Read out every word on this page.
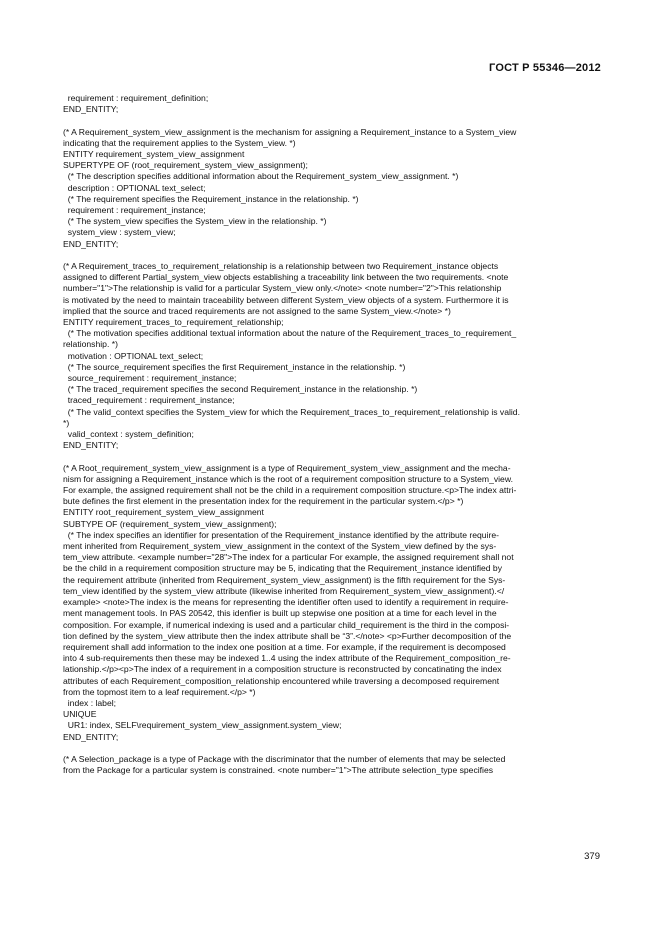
ГОСТ Р 55346—2012
requirement : requirement_definition;
END_ENTITY;
(* A Requirement_system_view_assignment is the mechanism for assigning a Requirement_instance to a System_view
indicating that the requirement applies to the System_view. *)
ENTITY requirement_system_view_assignment
SUPERTYPE OF (root_requirement_system_view_assignment);
(* The description specifies additional information about the Requirement_system_view_assignment. *)
description : OPTIONAL text_select;
(* The requirement specifies the Requirement_instance in the relationship. *)
requirement : requirement_instance;
(* The system_view specifies the System_view in the relationship. *)
system_view : system_view;
END_ENTITY;
(* A Requirement_traces_to_requirement_relationship is a relationship between two Requirement_instance objects
assigned to different Partial_system_view objects establishing a traceability link between the two requirements. <note
number="1">The relationship is valid for a particular System_view only.</note> <note number="2">This relationship
is motivated by the need to maintain traceability between different System_view objects of a system. Furthermore it is
implied that the source and traced requirements are not assigned to the same System_view.</note> *)
ENTITY requirement_traces_to_requirement_relationship;
(* The motivation specifies additional textual information about the nature of the Requirement_traces_to_requirement_
relationship. *)
motivation : OPTIONAL text_select;
(* The source_requirement specifies the first Requirement_instance in the relationship. *)
source_requirement : requirement_instance;
(* The traced_requirement specifies the second Requirement_instance in the relationship. *)
traced_requirement : requirement_instance;
(* The valid_context specifies the System_view for which the Requirement_traces_to_requirement_relationship is valid.
*)
valid_context : system_definition;
END_ENTITY;
(* A Root_requirement_system_view_assignment is a type of Requirement_system_view_assignment and the mecha-
nism for assigning a Requirement_instance which is the root of a requirement composition structure to a System_view.
For example, the assigned requirement shall not be the child in a requirement composition structure.<p>The index attri-
bute defines the first element in the presentation index for the requirement in the particular system.</p> *)
ENTITY root_requirement_system_view_assignment
SUBTYPE OF (requirement_system_view_assignment);
(* The index specifies an identifier for presentation of the Requirement_instance identified by the attribute require-
ment inherited from Requirement_system_view_assignment in the context of the System_view defined by the sys-
tem_view attribute. <example number="28">The index for a particular For example, the assigned requirement shall not
be the child in a requirement composition structure may be 5, indicating that the Requirement_instance identified by
the requirement attribute (inherited from Requirement_system_view_assignment) is the fifth requirement for the Sys-
tem_view identified by the system_view attribute (likewise inherited from Requirement_system_view_assignment).</
example> <note>The index is the means for representing the identifier often used to identify a requirement in require-
ment management tools. In PAS 20542, this idenfier is built up stepwise one position at a time for each level in the
composition. For example, if numerical indexing is used and a particular child_requirement is the third in the composi-
tion defined by the system_view attribute then the index attribute shall be “3”.</note> <p>Further decomposition of the
requirement shall add information to the index one position at a time. For example, if the requirement is decomposed
into 4 sub-requirements then these may be indexed 1..4 using the index attribute of the Requirement_composition_re-
lationship.</p><p>The index of a requirement in a composition structure is reconstructed by concatinating the index
attributes of each Requirement_composition_relationship encountered while traversing a decomposed requirement
from the topmost item to a leaf requirement.</p> *)
index : label;
UNIQUE
UR1: index, SELF\requirement_system_view_assignment.system_view;
END_ENTITY;
(* A Selection_package is a type of Package with the discriminator that the number of elements that may be selected
from the Package for a particular system is constrained. <note number="1">The attribute selection_type specifies
379
